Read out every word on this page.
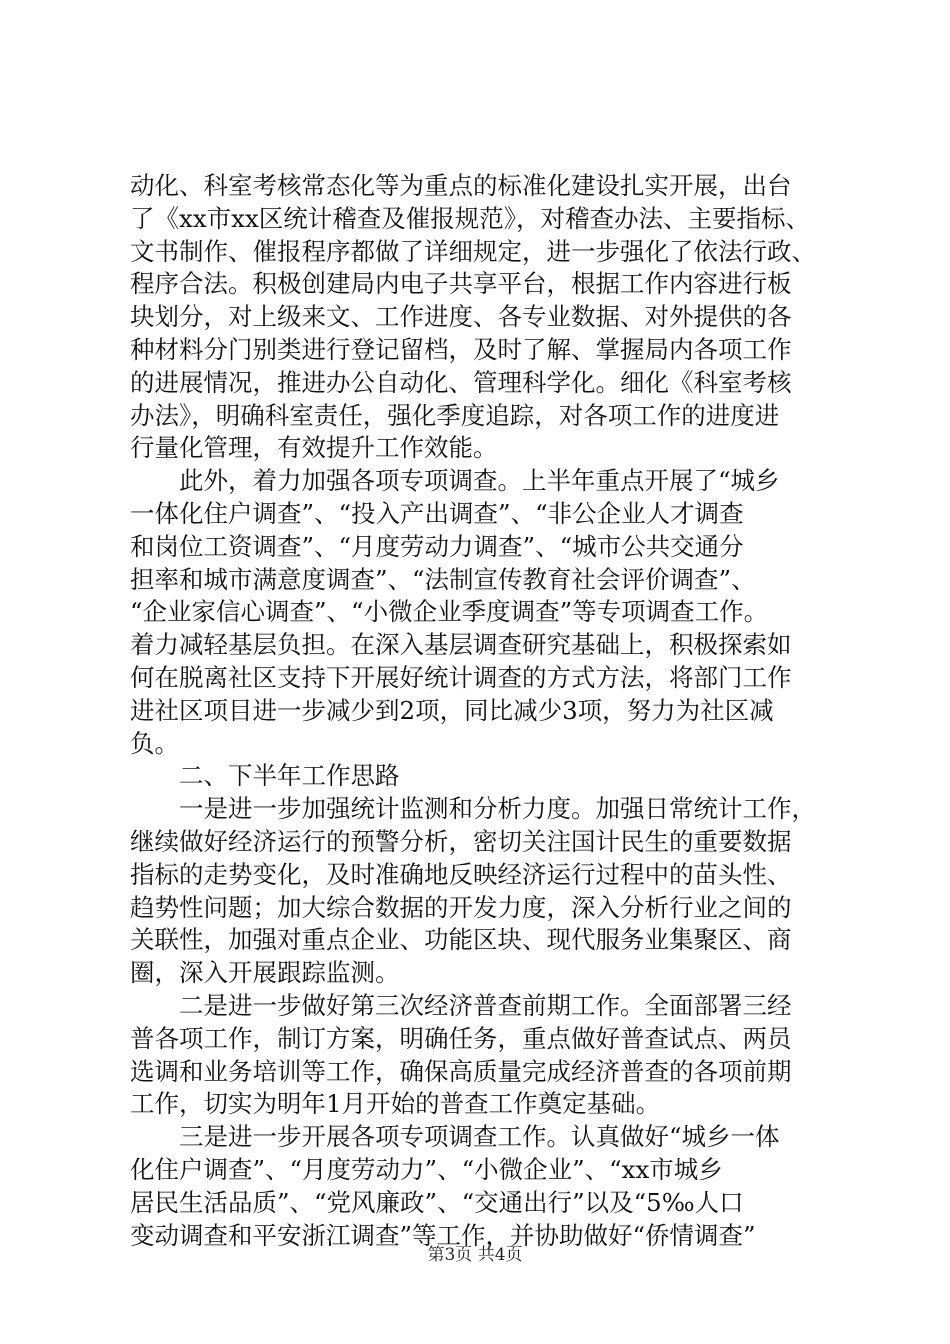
动化、科室考核常态化等为重点的标准化建设扎实开展，出台
了《xx市xx区统计稽查及催报规范》，对稽查办法、主要指标、
文书制作、催报程序都做了详细规定，进一步强化了依法行政、
程序合法。积极创建局内电子共享平台，根据工作内容进行板
块划分，对上级来文、工作进度、各专业数据、对外提供的各
种材料分门别类进行登记留档，及时了解、掌握局内各项工作
的进展情况，推进办公自动化、管理科学化。细化《科室考核
办法》，明确科室责任，强化季度追踪，对各项工作的进度进
行量化管理，有效提升工作效能。
此外，着力加强各项专项调查。上半年重点开展了“城乡
一体化住户调查”、“投入产出调查”、“非公企业人才调查
和岗位工资调查”、“月度劳动力调查”、“城市公共交通分
担率和城市满意度调查”、“法制宣传教育社会评价调查”、
“企业家信心调查”、“小微企业季度调查”等专项调查工作。
着力减轻基层负担。在深入基层调查研究基础上，积极探索如
何在脱离社区支持下开展好统计调查的方式方法，将部门工作
进社区项目进一步减少到2项，同比减少3项，努力为社区减
负。
二、下半年工作思路
一是进一步加强统计监测和分析力度。加强日常统计工作，
继续做好经济运行的预警分析，密切关注国计民生的重要数据
指标的走势变化，及时准确地反映经济运行过程中的苗头性、
趋势性问题；加大综合数据的开发力度，深入分析行业之间的
关联性，加强对重点企业、功能区块、现代服务业集聚区、商
圈，深入开展跟踪监测。
二是进一步做好第三次经济普查前期工作。全面部署三经
普各项工作，制订方案，明确任务，重点做好普查试点、两员
选调和业务培训等工作，确保高质量完成经济普查的各项前期
工作，切实为明年1月开始的普查工作奠定基础。
三是进一步开展各项专项调查工作。认真做好“城乡一体
化住户调查”、“月度劳动力”、“小微企业”、“xx市城乡
居民生活品质”、“党风廉政”、“交通出行”以及“5‰人口
变动调查和平安浙江调查”等工作，并协助做好“侨情调查”
第3页 共4页
